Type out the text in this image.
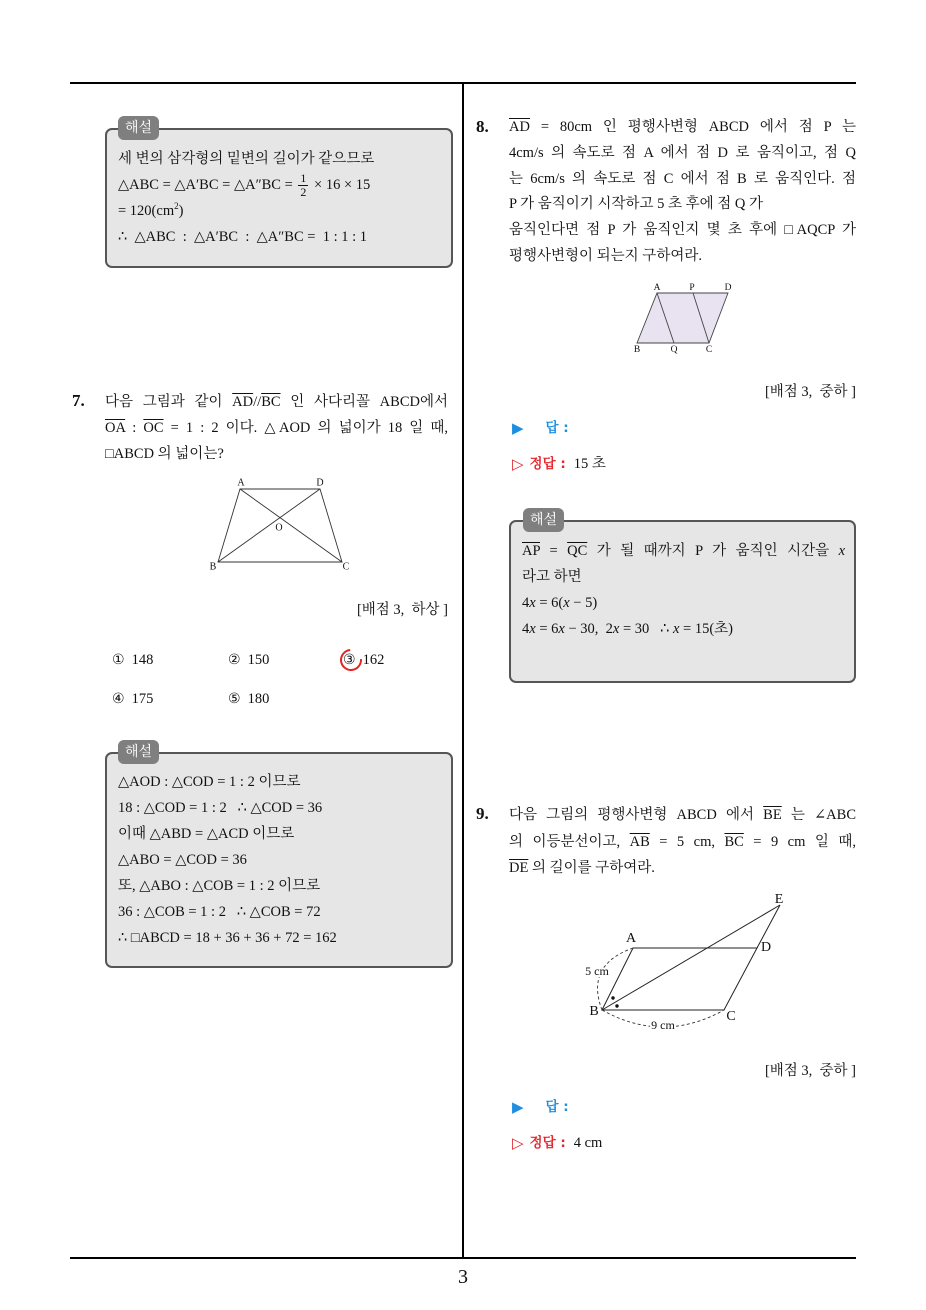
해설
세 변의 삼각형의 밑변의 길이가 같으므로
△ABC = △A′BC = △A″BC = $\frac{1}{2} \times 16 \times 15$
= $120(cm^2)$
∴  △ABC  :  △A′BC  :  △A″BC =  1 : 1 : 1
7. 다음 그림과 같이 $\overline{AD}//\overline{BC}$ 인 사다리꼴 ABCD에서
$\overline{OA}$ : $\overline{OC} = 1$ : 2 이다. △AOD 의 넓이가 18 일 때,
□ABCD 의 넓이는?
[배점 3,  하상 ]
① 148	② 150	③ 162
④ 175	⑤ 180
해설
△AOD : △COD = 1 : 2 이므로
18 : △COD = 1 : 2   ∴ △COD = 36
이때 △ABD = △ACD 이므로
△ABO = △COD = 36
또, △ABO : △COB = 1 : 2 이므로
36 : △COB = 1 : 2   ∴ △COB = 72
∴ □ABCD = 18 + 36 + 36 + 72 = 162
8. $\overline{AD} = 80cm$ 인 평행사변형 ABCD 에서 점 P 는
4cm/s 의 속도로 점 A 에서 점 D 로 움직이고, 점 Q
는 6cm/s 의 속도로 점 C 에서 점 B 로 움직인다. 점
P 가 움직이기 시작하고 5 초 후에 점 Q 가
움직인다면 점 P 가 움직인지 몇 초 후에 □AQCP 가
평행사변형이 되는지 구하여라.
[배점 3,  중하 ]
▶ 답 :
▷ 정답 : 15 초
해설
$\overline{AP} = \overline{QC}$ 가 될 때까지 P 가 움직인 시간을 x
라고 하면
4x = 6(x − 5)
4x = 6x − 30,  2x = 30   ∴ x = 15(초)
9. 다음 그림의 평행사변형 ABCD 에서 $\overline{BE}$ 는 ∠ABC
의 이등분선이고, $\overline{AB} = 5$ cm, $\overline{BC} = 9$ cm 일 때,
$\overline{DE}$ 의 길이를 구하여라.
[배점 3,  중하 ]
▶ 답 :
▷ 정답 : 4 cm
3
A	D
B	C
O
A	P	D
B	Q	C
A
D
B	C
E
5 cm
9 cm
